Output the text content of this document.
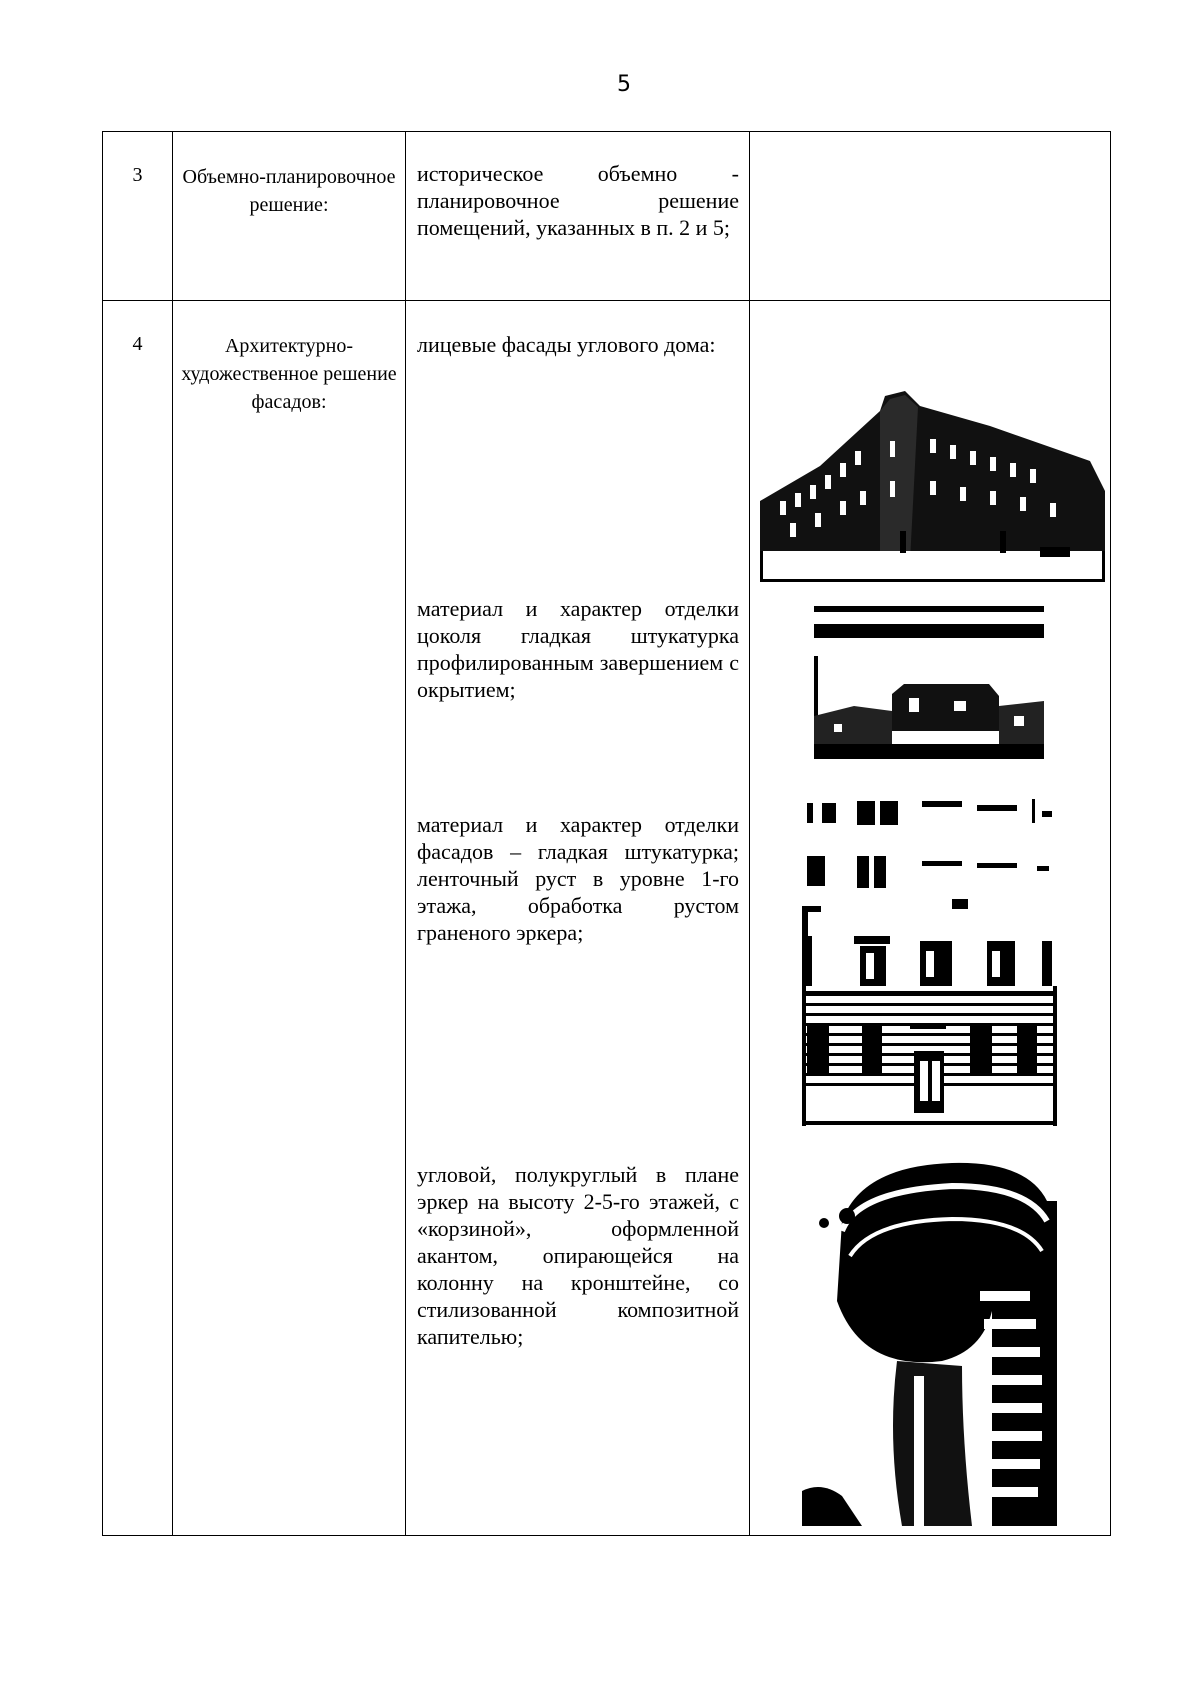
5
3	Объемно-планировочное решение:	историческое объемно - планировочное решение помещений, указанных в п. 2 и 5;	

4	Архитектурно-художественное решение фасадов:	лицевые фасады углового дома:
материал и характер отделки цоколя гладкая штукатурка профилированным завершением с окрытием;
материал и характер отделки фасадов – гладкая штукатурка; ленточный руст в уровне 1-го этажа, обработка рустом граненого эркера;
угловой, полукруглый в плане эркер на высоту 2-5-го этажей, с «корзиной», оформленной акантом, опирающейся на колонну на кронштейне, со стилизованной композитной капителью;
